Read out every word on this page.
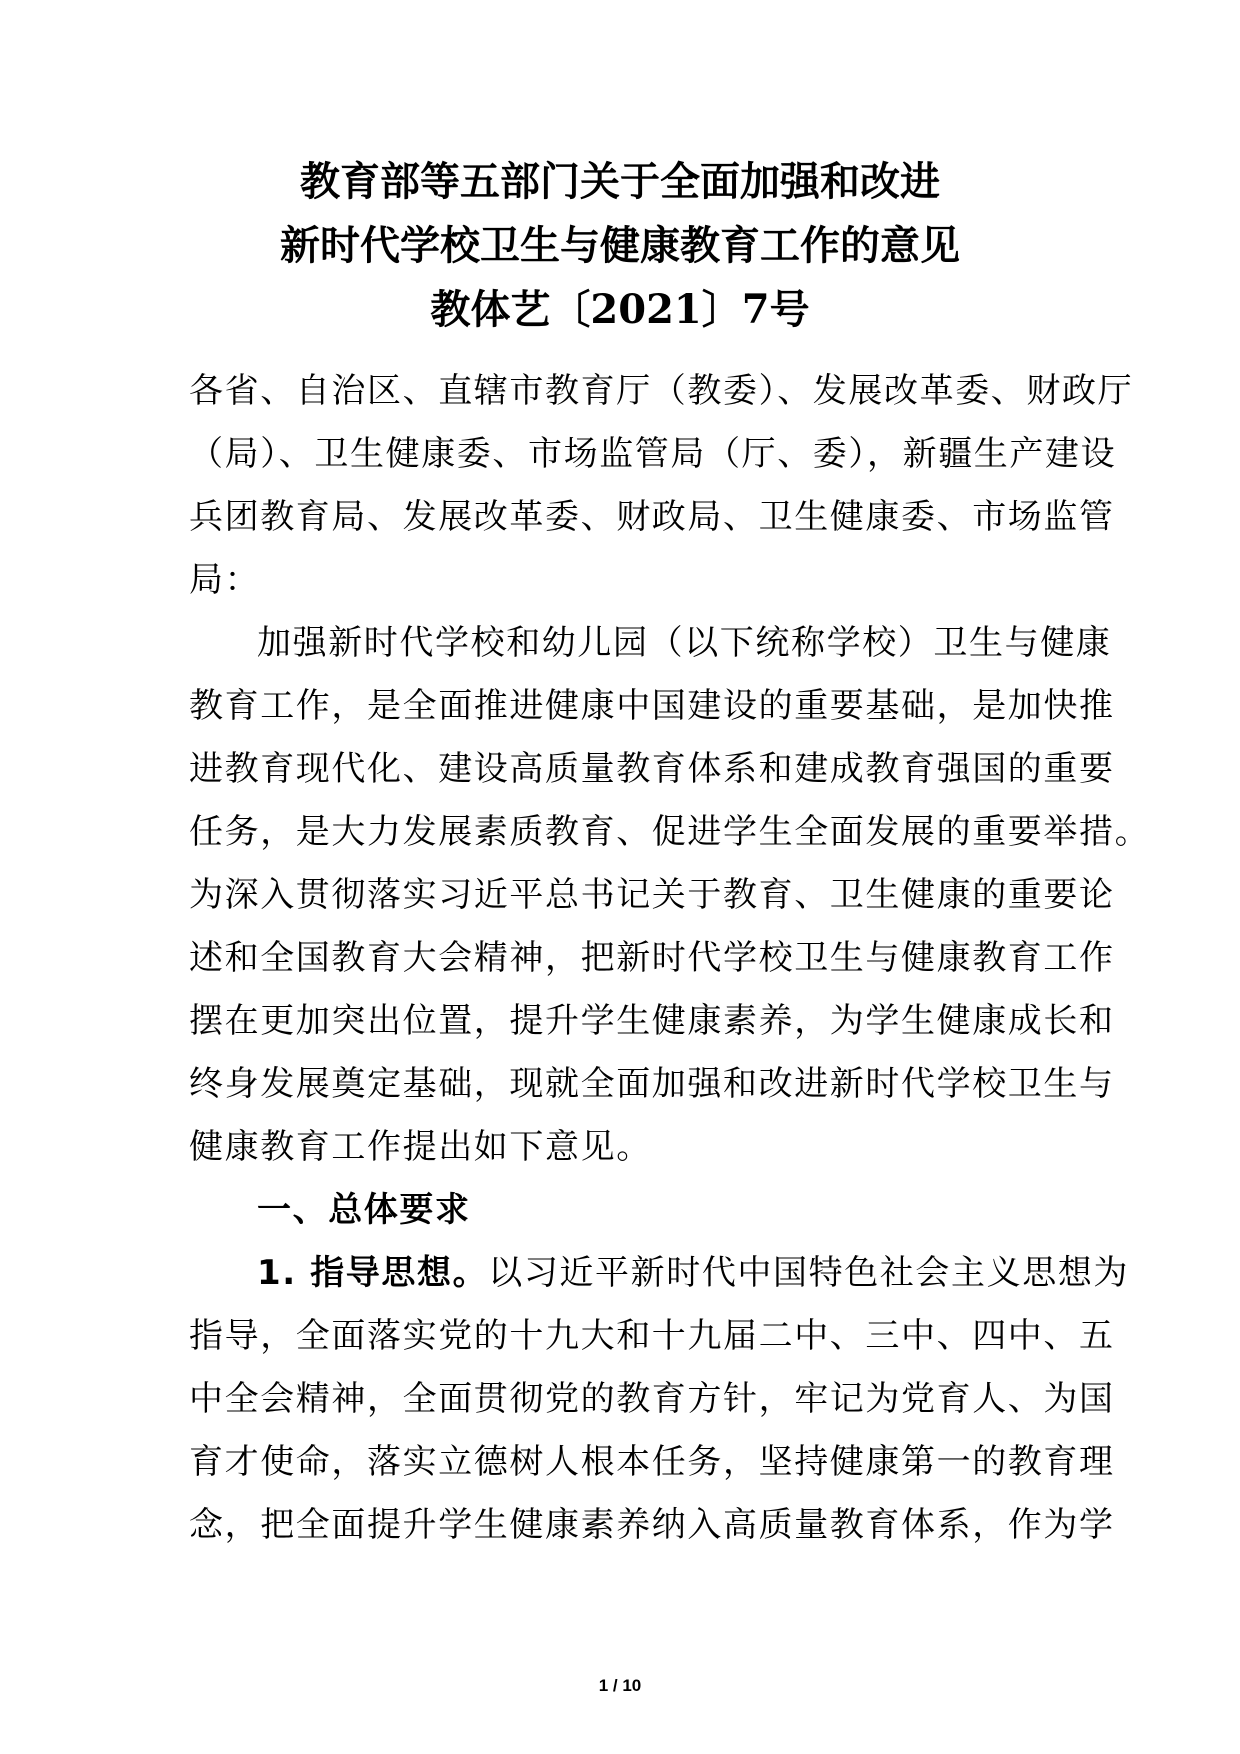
教育部等五部门关于全面加强和改进
新时代学校卫生与健康教育工作的意见
教体艺〔2021〕7号

各省、自治区、直辖市教育厅（教委）、发展改革委、财政厅
（局）、卫生健康委、市场监管局（厅、委），新疆生产建设
兵团教育局、发展改革委、财政局、卫生健康委、市场监管
局：

加强新时代学校和幼儿园（以下统称学校）卫生与健康
教育工作，是全面推进健康中国建设的重要基础，是加快推
进教育现代化、建设高质量教育体系和建成教育强国的重要
任务，是大力发展素质教育、促进学生全面发展的重要举措。
为深入贯彻落实习近平总书记关于教育、卫生健康的重要论
述和全国教育大会精神，把新时代学校卫生与健康教育工作
摆在更加突出位置，提升学生健康素养，为学生健康成长和
终身发展奠定基础，现就全面加强和改进新时代学校卫生与
健康教育工作提出如下意见。

一、总体要求

1. 指导思想。以习近平新时代中国特色社会主义思想为
指导，全面落实党的十九大和十九届二中、三中、四中、五
中全会精神，全面贯彻党的教育方针，牢记为党育人、为国
育才使命，落实立德树人根本任务，坚持健康第一的教育理
念，把全面提升学生健康素养纳入高质量教育体系，作为学

1 / 10
